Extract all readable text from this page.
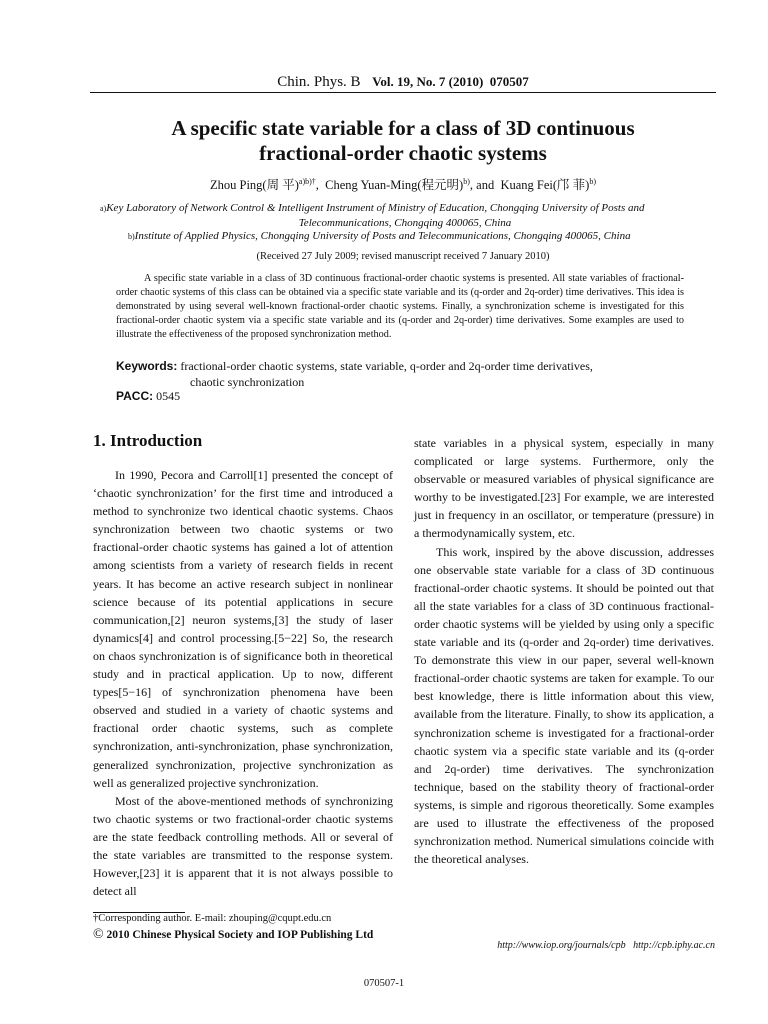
Chin. Phys. B Vol. 19, No. 7 (2010) 070507
A specific state variable for a class of 3D continuous
fractional-order chaotic systems
Zhou Ping(周 平)$^{a)b)\dagger}$,  Cheng Yuan-Ming(程元明)$^{b)}$, and  Kuang Fei(邝 菲)$^{b)}$
$^{a)}$Key Laboratory of Network Control & Intelligent Instrument of Ministry of Education, Chongqing University of Posts and
Telecommunications, Chongqing 400065, China
$^{b)}$Institute of Applied Physics, Chongqing University of Posts and Telecommunications, Chongqing 400065, China
(Received 27 July 2009; revised manuscript received 7 January 2010)
A specific state variable in a class of 3D continuous fractional-order chaotic systems is presented. All state variables of fractional-order chaotic systems of this class can be obtained via a specific state variable and its (q-order and 2q-order) time derivatives. This idea is demonstrated by using several well-known fractional-order chaotic systems. Finally, a synchronization scheme is investigated for this fractional-order chaotic system via a specific state variable and its (q-order and 2q-order) time derivatives. Some examples are used to illustrate the effectiveness of the proposed synchronization method.
Keywords: fractional-order chaotic systems, state variable, q-order and 2q-order time derivatives,
chaotic synchronization
PACC: 0545
1. Introduction

In 1990, Pecora and Carroll[1] presented the concept of ‘chaotic synchronization’ for the first time and introduced a method to synchronize two identical chaotic systems. Chaos synchronization between two chaotic systems or two fractional-order chaotic systems has gained a lot of attention among scientists from a variety of research fields in recent years. It has become an active research subject in nonlinear science because of its potential applications in secure communication,[2] neuron systems,[3] the study of laser dynamics[4] and control processing.[5−22] So, the research on chaos synchronization is of significance both in theoretical study and in practical application. Up to now, different types[5−16] of synchronization phenomena have been observed and studied in a variety of chaotic systems and fractional order chaotic systems, such as complete synchronization, anti-synchronization, phase synchronization, generalized synchronization, projective synchronization as well as generalized projective synchronization.

Most of the above-mentioned methods of synchronizing two chaotic systems or two fractional-order chaotic systems are the state feedback controlling methods. All or several of the state variables are transmitted to the response system. However,[23] it is apparent that it is not always possible to detect all

state variables in a physical system, especially in many complicated or large systems. Furthermore, only the observable or measured variables of physical significance are worthy to be investigated.[23] For example, we are interested just in frequency in an oscillator, or temperature (pressure) in a thermodynamically system, etc.

This work, inspired by the above discussion, addresses one observable state variable for a class of 3D continuous fractional-order chaotic systems. It should be pointed out that all the state variables for a class of 3D continuous fractional-order chaotic systems will be yielded by using only a specific state variable and its (q-order and 2q-order) time derivatives. To demonstrate this view in our paper, several well-known fractional-order chaotic systems are taken for example. To our best knowledge, there is little information about this view, available from the literature. Finally, to show its application, a synchronization scheme is investigated for a fractional-order chaotic system via a specific state variable and its (q-order and 2q-order) time derivatives. The synchronization technique, based on the stability theory of fractional-order systems, is simple and rigorous theoretically. Some examples are used to illustrate the effectiveness of the proposed synchronization method. Numerical simulations coincide with the theoretical analyses.

†Corresponding author. E-mail: zhouping@cqupt.edu.cn
© 2010 Chinese Physical Society and IOP Publishing Ltd
http://www.iop.org/journals/cpb   http://cpb.iphy.ac.cn
070507-1
